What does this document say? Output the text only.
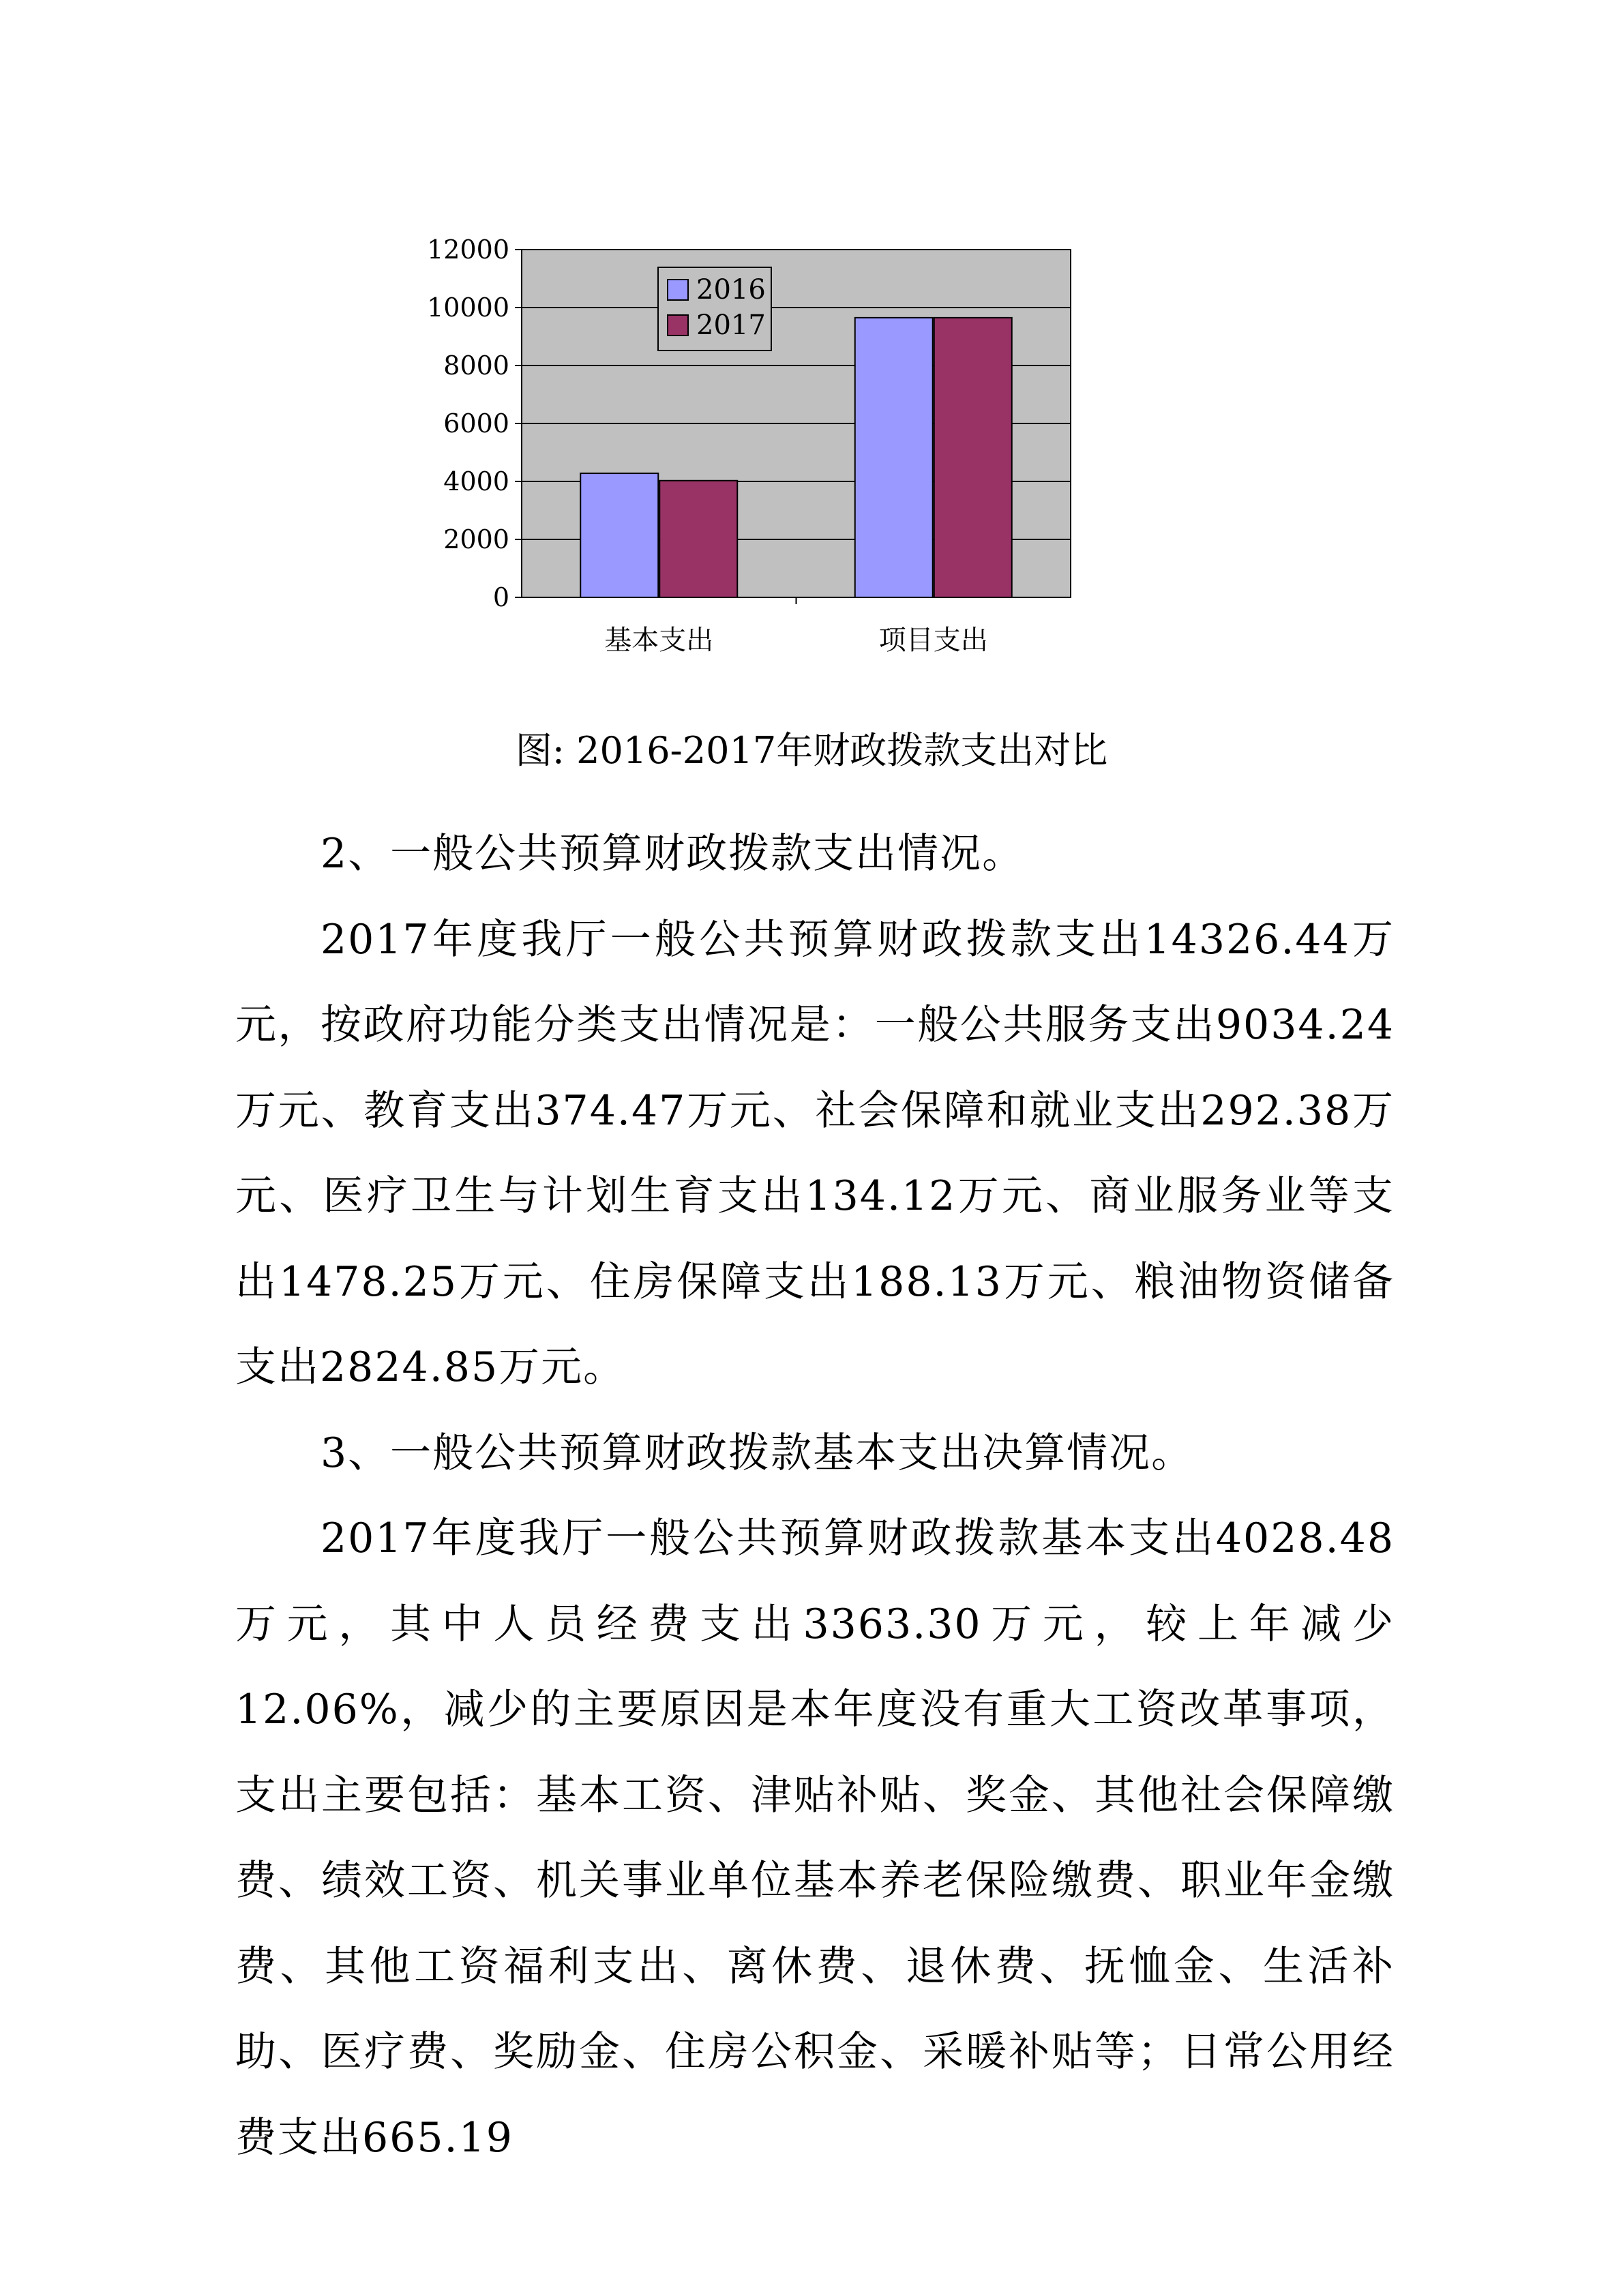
0
2000
4000
6000
8000
10000
12000
基本支出	项目支出
2016
2017
图: 2016-2017年财政拨款支出对比

2、一般公共预算财政拨款支出情况。

2017年度我厅一般公共预算财政拨款支出14326.44万元，按政府功能分类支出情况是：一般公共服务支出9034.24万元、教育支出374.47万元、社会保障和就业支出292.38万元、医疗卫生与计划生育支出134.12万元、商业服务业等支出1478.25万元、住房保障支出188.13万元、粮油物资储备支出2824.85万元。

3、一般公共预算财政拨款基本支出决算情况。

2017年度我厅一般公共预算财政拨款基本支出4028.48万元，其中人员经费支出3363.30万元，较上年减少12.06%，减少的主要原因是本年度没有重大工资改革事项，支出主要包括：基本工资、津贴补贴、奖金、其他社会保障缴费、绩效工资、机关事业单位基本养老保险缴费、职业年金缴费、其他工资福利支出、离休费、退休费、抚恤金、生活补助、医疗费、奖励金、住房公积金、采暖补贴等；日常公用经费支出665.19
